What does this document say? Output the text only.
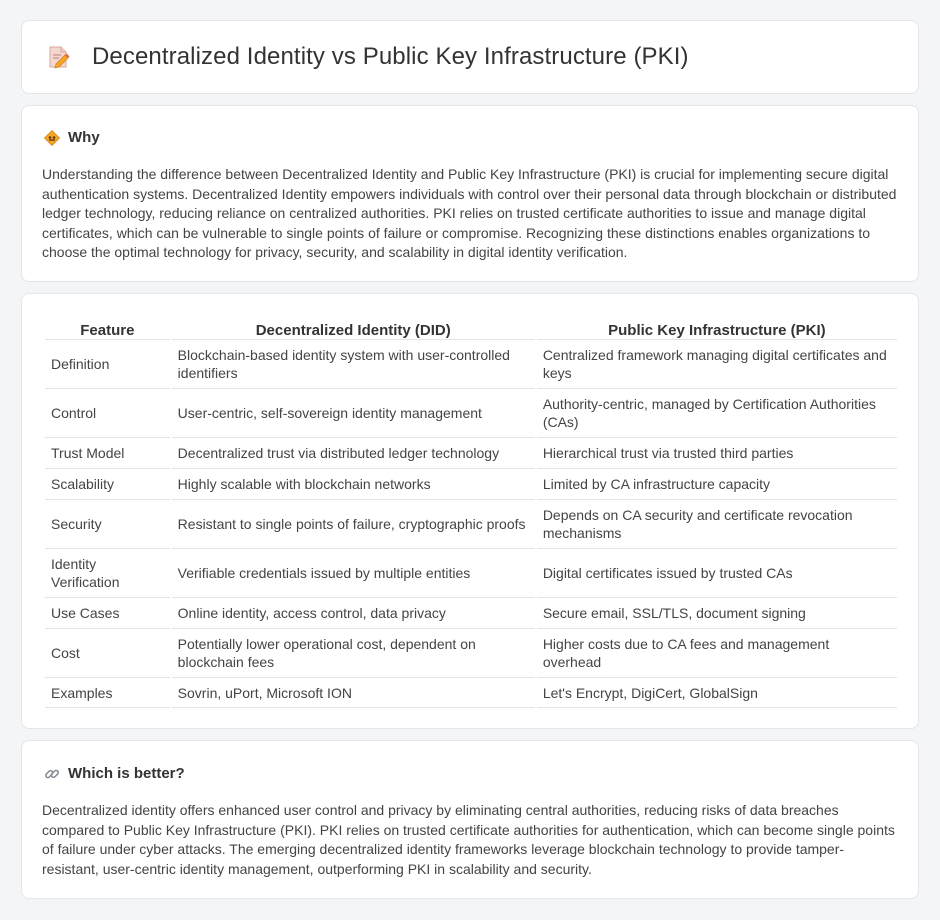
Decentralized Identity vs Public Key Infrastructure (PKI)
Why

Understanding the difference between Decentralized Identity and Public Key Infrastructure (PKI) is crucial for implementing secure digital authentication systems. Decentralized Identity empowers individuals with control over their personal data through blockchain or distributed ledger technology, reducing reliance on centralized authorities. PKI relies on trusted certificate authorities to issue and manage digital certificates, which can be vulnerable to single points of failure or compromise. Recognizing these distinctions enables organizations to choose the optimal technology for privacy, security, and scalability in digital identity verification.

Feature	Decentralized Identity (DID)	Public Key Infrastructure (PKI)
Definition	Blockchain-based identity system with user-controlled identifiers	Centralized framework managing digital certificates and keys
Control	User-centric, self-sovereign identity management	Authority-centric, managed by Certification Authorities (CAs)
Trust Model	Decentralized trust via distributed ledger technology	Hierarchical trust via trusted third parties
Scalability	Highly scalable with blockchain networks	Limited by CA infrastructure capacity
Security	Resistant to single points of failure, cryptographic proofs	Depends on CA security and certificate revocation mechanisms
Identity Verification	Verifiable credentials issued by multiple entities	Digital certificates issued by trusted CAs
Use Cases	Online identity, access control, data privacy	Secure email, SSL/TLS, document signing
Cost	Potentially lower operational cost, dependent on blockchain fees	Higher costs due to CA fees and management overhead
Examples	Sovrin, uPort, Microsoft ION	Let's Encrypt, DigiCert, GlobalSign
Which is better?

Decentralized identity offers enhanced user control and privacy by eliminating central authorities, reducing risks of data breaches compared to Public Key Infrastructure (PKI). PKI relies on trusted certificate authorities for authentication, which can become single points of failure under cyber attacks. The emerging decentralized identity frameworks leverage blockchain technology to provide tamper-resistant, user-centric identity management, outperforming PKI in scalability and security.
